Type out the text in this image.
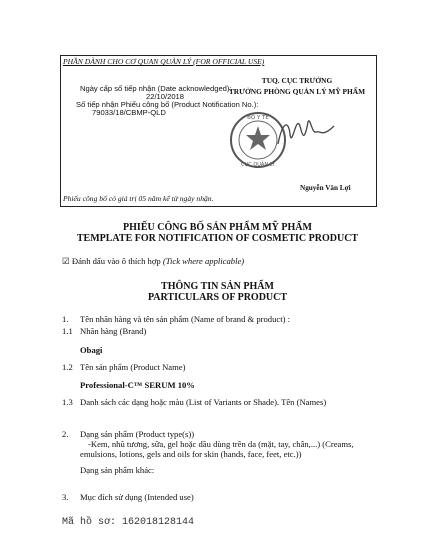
PHẦN DÀNH CHO CƠ QUAN QUẢN LÝ (FOR OFFICIAL USE)
Ngày cấp số tiếp nhận (Date acknowledged):
22/10/2018
Số tiếp nhận Phiếu công bố (Product Notification No.):
79033/18/CBMP-QLD
TUQ. CỤC TRƯỞNG
TRƯỞNG PHÒNG QUẢN LÝ MỸ PHẨM
BỘ Y TẾ
CỤC QUẢN LÝ
Nguyễn Văn Lợi
Phiếu công bố có giá trị 05 năm kể từ ngày nhận.
PHIẾU CÔNG BỐ SẢN PHẨM MỸ PHẨM
TEMPLATE FOR NOTIFICATION OF COSMETIC PRODUCT
☑ Đánh dấu vào ô thích hợp (Tick where applicable)
THÔNG TIN SẢN PHẨM
PARTICULARS OF PRODUCT
1. Tên nhãn hàng và tên sản phẩm (Name of brand & product) :
1.1 Nhãn hàng (Brand)
Obagi
1.2 Tên sản phẩm (Product Name)
Professional-C™ SERUM 10%
1.3 Danh sách các dạng hoặc màu (List of Variants or Shade). Tên (Names)
2. Dạng sản phẩm (Product type(s))
-Kem, nhũ tương, sữa, gel hoặc dầu dùng trên da (mặt, tay, chân,...) (Creams,
emulsions, lotions, gels and oils for skin (hands, face, feet, etc.))
Dạng sản phẩm khác:
3. Mục đích sử dụng (Intended use)
Mã hồ sơ: 162018128144
